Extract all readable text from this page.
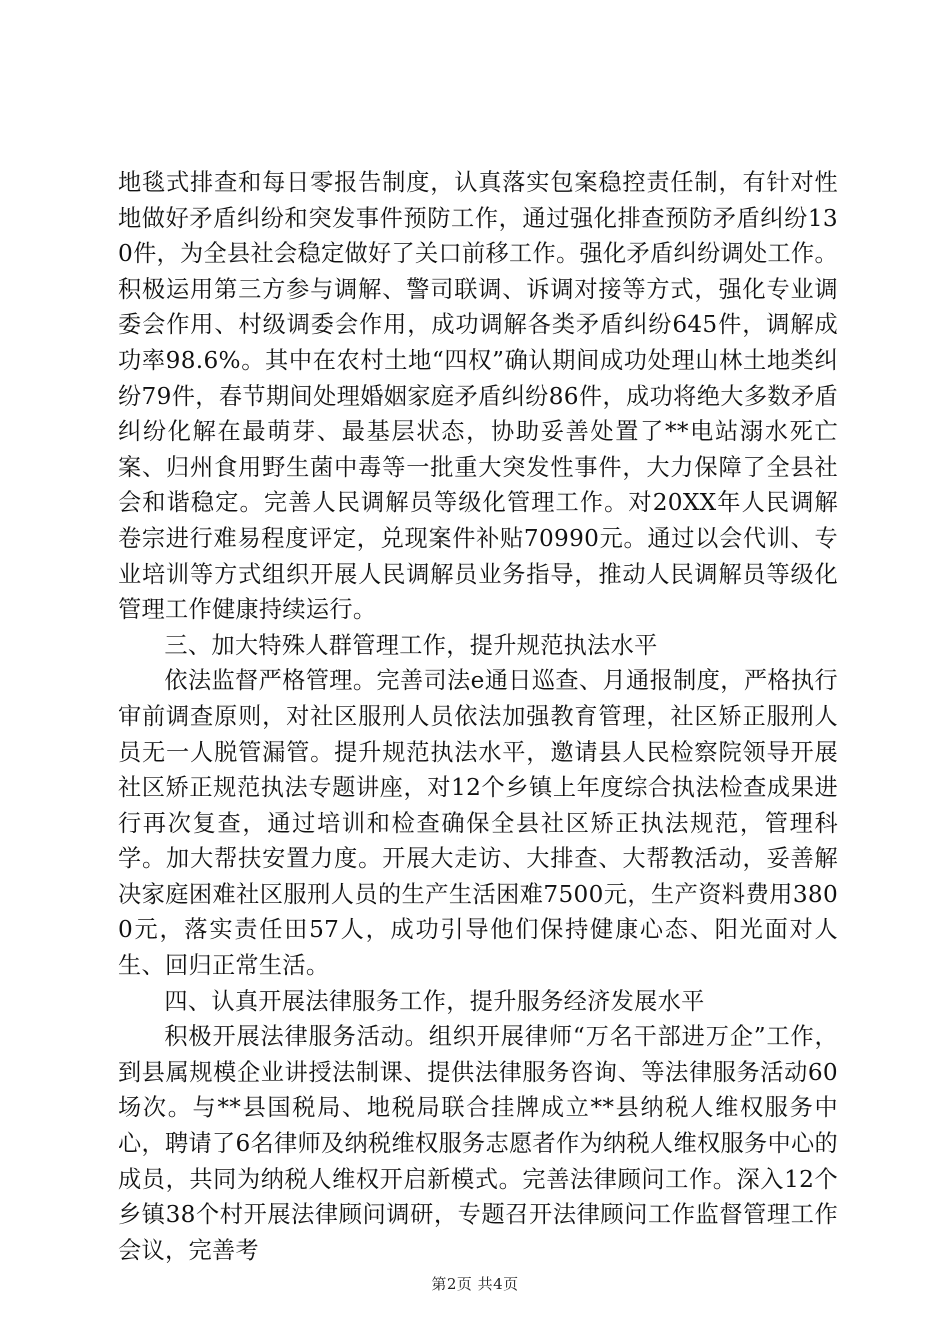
地毯式排查和每日零报告制度，认真落实包案稳控责任制，有针对性地做好矛盾纠纷和突发事件预防工作，通过强化排查预防矛盾纠纷130件，为全县社会稳定做好了关口前移工作。强化矛盾纠纷调处工作。积极运用第三方参与调解、警司联调、诉调对接等方式，强化专业调委会作用、村级调委会作用，成功调解各类矛盾纠纷645件，调解成功率98.6%。其中在农村土地“四权”确认期间成功处理山林土地类纠纷79件，春节期间处理婚姻家庭矛盾纠纷86件，成功将绝大多数矛盾纠纷化解在最萌芽、最基层状态，协助妥善处置了**电站溺水死亡案、归州食用野生菌中毒等一批重大突发性事件，大力保障了全县社会和谐稳定。完善人民调解员等级化管理工作。对20XX年人民调解卷宗进行难易程度评定，兑现案件补贴70990元。通过以会代训、专业培训等方式组织开展人民调解员业务指导，推动人民调解员等级化管理工作健康持续运行。

三、加大特殊人群管理工作，提升规范执法水平

依法监督严格管理。完善司法e通日巡查、月通报制度，严格执行审前调查原则，对社区服刑人员依法加强教育管理，社区矫正服刑人员无一人脱管漏管。提升规范执法水平，邀请县人民检察院领导开展社区矫正规范执法专题讲座，对12个乡镇上年度综合执法检查成果进行再次复查，通过培训和检查确保全县社区矫正执法规范，管理科学。加大帮扶安置力度。开展大走访、大排查、大帮教活动，妥善解决家庭困难社区服刑人员的生产生活困难7500元，生产资料费用3800元，落实责任田57人，成功引导他们保持健康心态、阳光面对人生、回归正常生活。

四、认真开展法律服务工作，提升服务经济发展水平

积极开展法律服务活动。组织开展律师“万名干部进万企”工作，到县属规模企业讲授法制课、提供法律服务咨询、等法律服务活动60场次。与**县国税局、地税局联合挂牌成立**县纳税人维权服务中心，聘请了6名律师及纳税维权服务志愿者作为纳税人维权服务中心的成员，共同为纳税人维权开启新模式。完善法律顾问工作。深入12个乡镇38个村开展法律顾问调研，专题召开法律顾问工作监督管理工作会议，完善考

第2页 共4页
